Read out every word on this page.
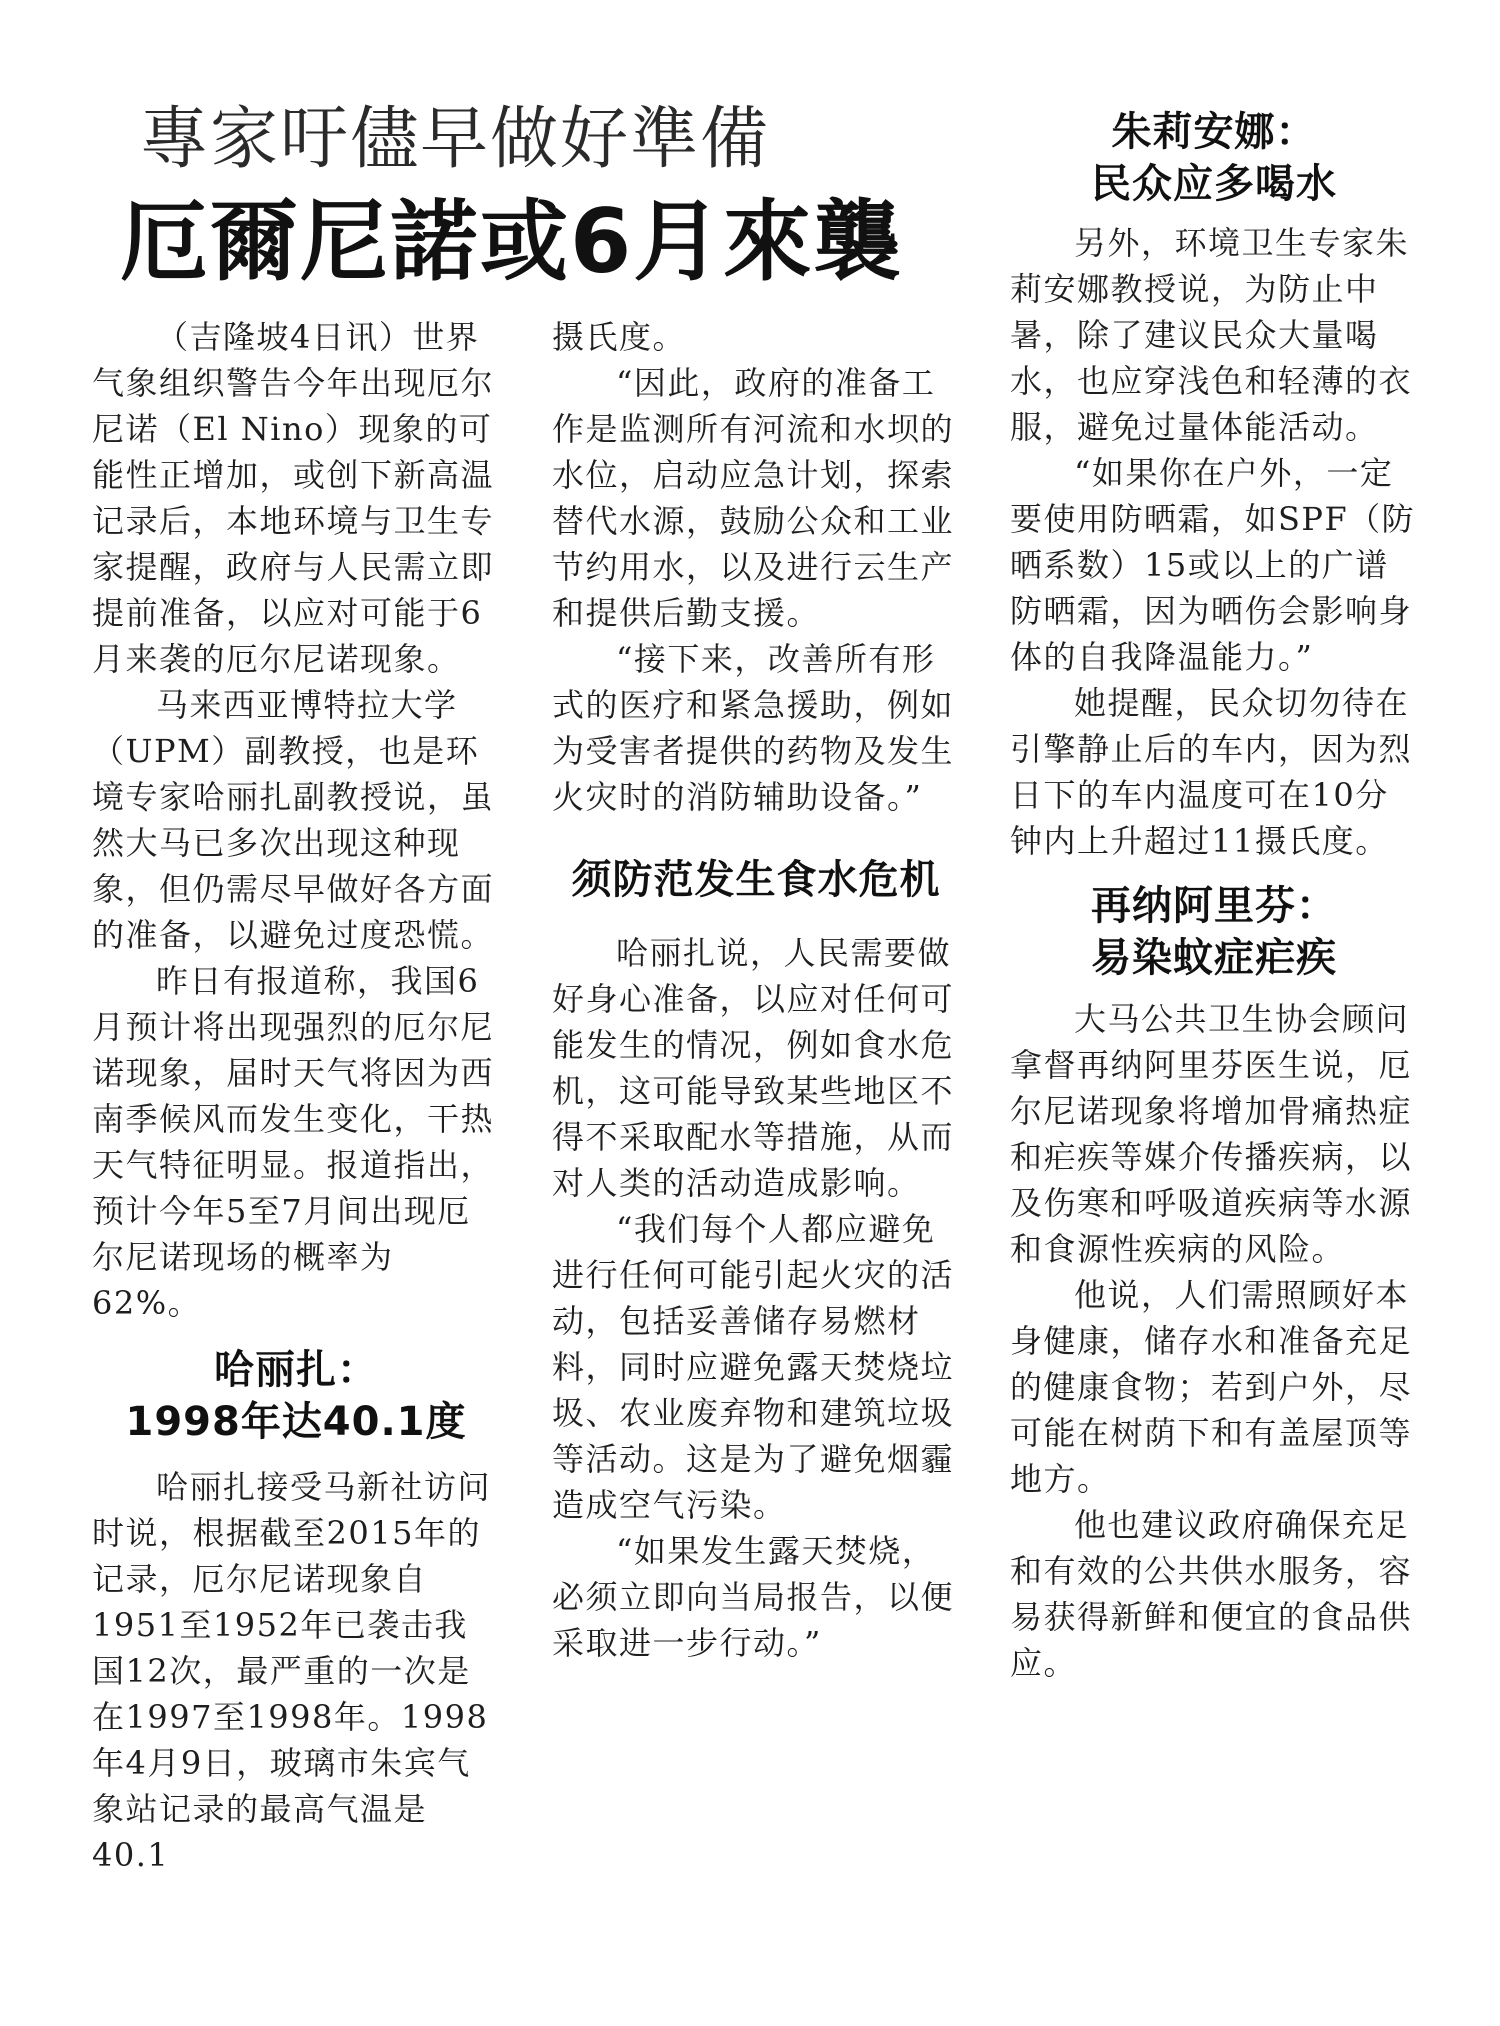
專家吁儘早做好準備
厄爾尼諾或6月來襲

（吉隆坡4日讯）世界气象组织警告今年出现厄尔尼诺（El Nino）现象的可能性正增加，或创下新高温记录后，本地环境与卫生专家提醒，政府与人民需立即提前准备，以应对可能于6月来袭的厄尔尼诺现象。

马来西亚博特拉大学（UPM）副教授，也是环境专家哈丽扎副教授说，虽然大马已多次出现这种现象，但仍需尽早做好各方面的准备，以避免过度恐慌。

昨日有报道称，我国6月预计将出现强烈的厄尔尼诺现象，届时天气将因为西南季候风而发生变化，干热天气特征明显。报道指出，预计今年5至7月间出现厄尔尼诺现场的概率为62%。

哈丽扎：
1998年达40.1度

哈丽扎接受马新社访问时说，根据截至2015年的记录，厄尔尼诺现象自1951至1952年已袭击我国12次，最严重的一次是在1997至1998年。1998年4月9日，玻璃市朱宾气象站记录的最高气温是40.1

摄氏度。

“因此，政府的准备工作是监测所有河流和水坝的水位，启动应急计划，探索替代水源，鼓励公众和工业节约用水，以及进行云生产和提供后勤支援。

“接下来，改善所有形式的医疗和紧急援助，例如为受害者提供的药物及发生火灾时的消防辅助设备。”

须防范发生食水危机

哈丽扎说，人民需要做好身心准备，以应对任何可能发生的情况，例如食水危机，这可能导致某些地区不得不采取配水等措施，从而对人类的活动造成影响。

“我们每个人都应避免进行任何可能引起火灾的活动，包括妥善储存易燃材料，同时应避免露天焚烧垃圾、农业废弃物和建筑垃圾等活动。这是为了避免烟霾造成空气污染。

“如果发生露天焚烧，必须立即向当局报告，以便采取进一步行动。”

朱莉安娜：
民众应多喝水

另外，环境卫生专家朱莉安娜教授说，为防止中暑，除了建议民众大量喝水，也应穿浅色和轻薄的衣服，避免过量体能活动。

“如果你在户外，一定要使用防晒霜，如SPF（防晒系数）15或以上的广谱防晒霜，因为晒伤会影响身体的自我降温能力。”

她提醒，民众切勿待在引擎静止后的车内，因为烈日下的车内温度可在10分钟内上升超过11摄氏度。

再纳阿里芬：
易染蚊症疟疾

大马公共卫生协会顾问拿督再纳阿里芬医生说，厄尔尼诺现象将增加骨痛热症和疟疾等媒介传播疾病，以及伤寒和呼吸道疾病等水源和食源性疾病的风险。

他说，人们需照顾好本身健康，储存水和准备充足的健康食物；若到户外，尽可能在树荫下和有盖屋顶等地方。

他也建议政府确保充足和有效的公共供水服务，容易获得新鲜和便宜的食品供应。
